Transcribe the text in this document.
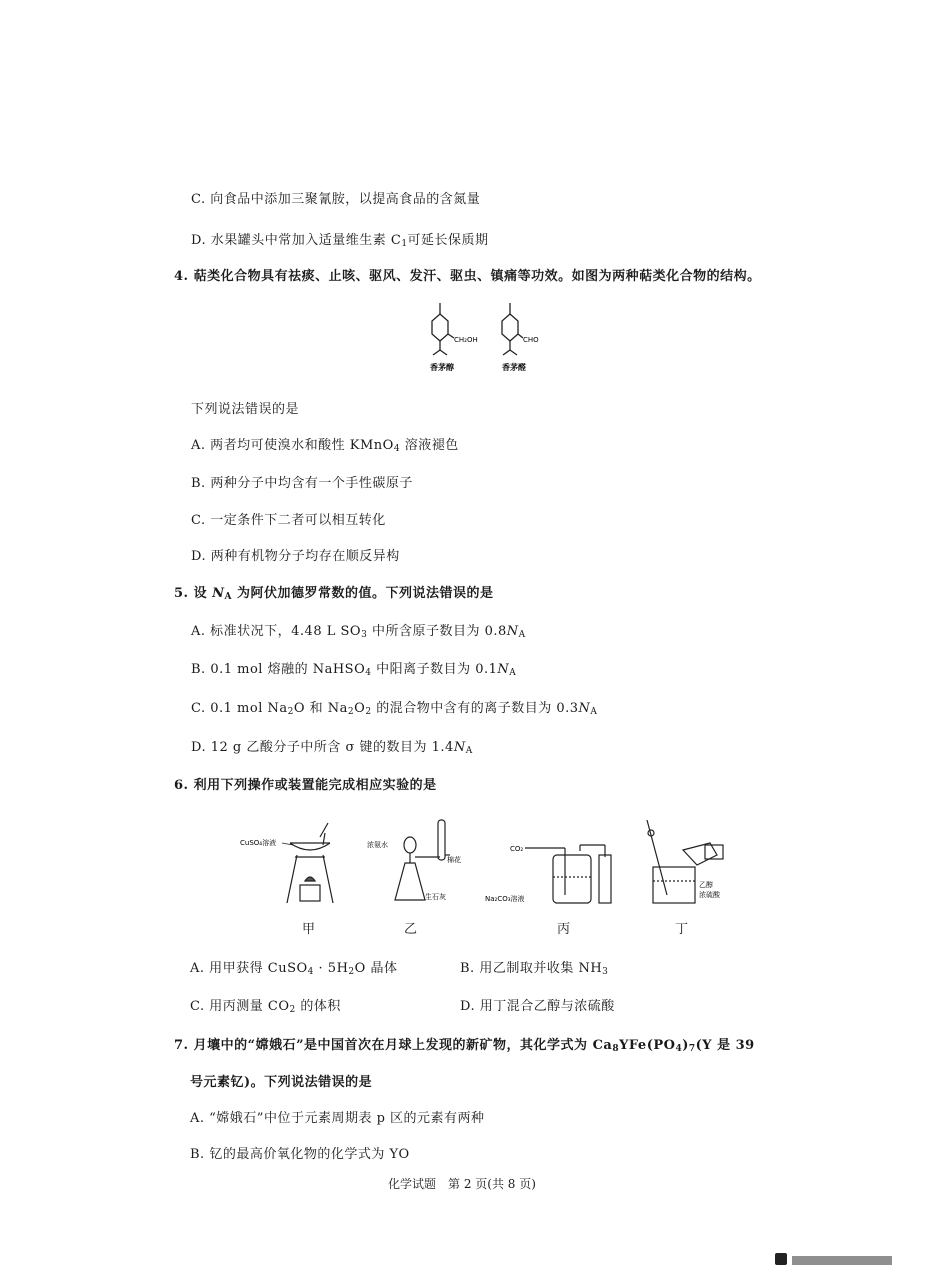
C. 向食品中添加三聚氰胺，以提高食品的含氮量
D. 水果罐头中常加入适量维生素 $C_1$可延长保质期
4. 萜类化合物具有祛痰、止咳、驱风、发汗、驱虫、镇痛等功效。如图为两种萜类化合物的结构。
CH₂OH
香茅醇
CHO
香茅醛
下列说法错误的是
A. 两者均可使溴水和酸性 KMnO$_4$ 溶液褪色
B. 两种分子中均含有一个手性碳原子
C. 一定条件下二者可以相互转化
D. 两种有机物分子均存在顺反异构
5. 设 $N_A$ 为阿伏加德罗常数的值。下列说法错误的是
A. 标准状况下，4.48 L $SO_3$ 中所含原子数目为 $0.8N_A$
B. 0.1 mol 熔融的 NaHSO$_4$ 中阳离子数目为 $0.1N_A$
C. 0.1 mol $Na_2O$ 和 $Na_2O_2$ 的混合物中含有的离子数目为 $0.3N_A$
D. 12 g 乙酸分子中所含 σ 键的数目为 $1.4N_A$
6. 利用下列操作或装置能完成相应实验的是
CuSO₄溶液	浓氨水
棉花
生石灰
CO₂
Na₂CO₃溶液
乙醇
浓硫酸
甲	乙	丙	丁
A. 用甲获得 CuSO$_4$ · $5H_2O$ 晶体	B. 用乙制取并收集 $NH_3$
C. 用丙测量 $CO_2$ 的体积	D. 用丁混合乙醇与浓硫酸
7. 月壤中的“嫦娥石”是中国首次在月球上发现的新矿物，其化学式为 $Ca_8YFe(PO_4)_7(Y$ 是 39
号元素钇)。下列说法错误的是
A. “嫦娥石”中位于元素周期表 p 区的元素有两种
B. 钇的最高价氧化物的化学式为 YO
化学试题　第 2 页(共 8 页)
